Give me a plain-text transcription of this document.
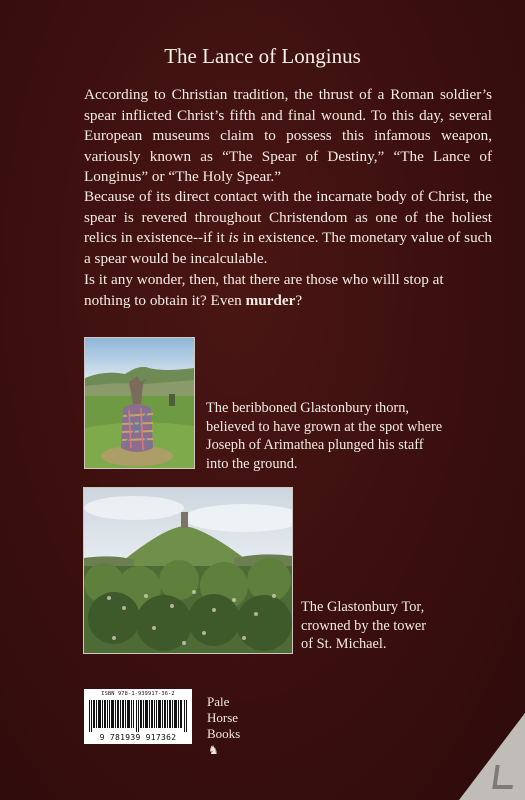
The Lance of Longinus

According to Christian tradition, the thrust of a Roman soldier’s spear inflicted Christ’s fifth and final wound. To this day, several European museums claim to possess this infamous weapon, variously known as “The Spear of Destiny,” “The Lance of Longinus” or “The Holy Spear.”

Because of its direct contact with the incarnate body of Christ, the spear is revered throughout Christendom as one of the holiest relics in existence--if it is in existence. The monetary value of such a spear would be incalculable.

Is it any wonder, then, that there are those who willl stop at nothing to obtain it? Even murder?

The beribboned Glastonbury thorn, believed to have grown at the spot where Joseph of Arimathea plunged his staff into the ground.

The Glastonbury Tor, crowned by the tower of St. Michael.

ISBN 978-1-939917-36-2
9 781939 917362
Pale
Horse
Books
♞
